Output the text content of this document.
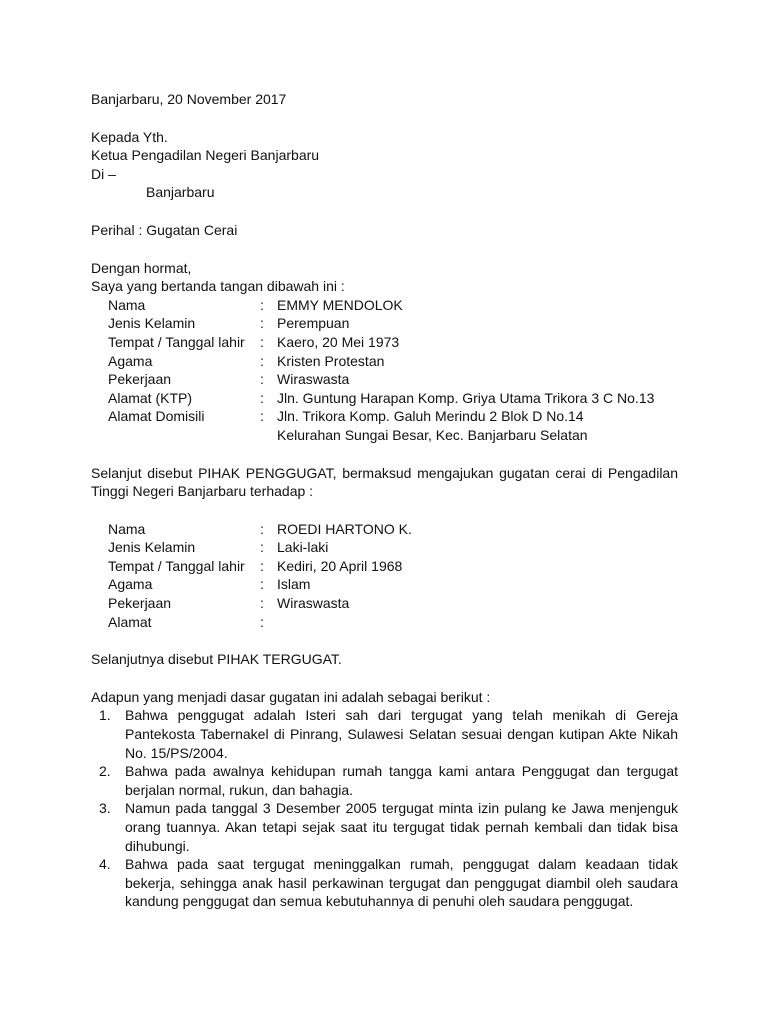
Banjarbaru, 20 November 2017
Kepada Yth.
Ketua Pengadilan Negeri Banjarbaru
Di –
Banjarbaru
Perihal : Gugatan Cerai
Dengan hormat,
Saya yang bertanda tangan dibawah ini :
Nama	:	EMMY MENDOLOK
Jenis Kelamin	:	Perempuan
Tempat / Tanggal lahir	:	Kaero, 20 Mei 1973
Agama	:	Kristen Protestan
Pekerjaan	:	Wiraswasta
Alamat (KTP)	:	Jln. Guntung Harapan Komp. Griya Utama Trikora 3 C No.13
Alamat Domisili	:	Jln. Trikora Komp. Galuh Merindu 2 Blok D No.14
		Kelurahan Sungai Besar, Kec. Banjarbaru Selatan
Selanjut disebut PIHAK PENGGUGAT, bermaksud mengajukan gugatan cerai di Pengadilan Tinggi Negeri Banjarbaru terhadap :
Nama	:	ROEDI HARTONO K.
Jenis Kelamin	:	Laki-laki
Tempat / Tanggal lahir	:	Kediri, 20 April 1968
Agama	:	Islam
Pekerjaan	:	Wiraswasta
Alamat	:	
Selanjutnya disebut PIHAK TERGUGAT.
Adapun yang menjadi dasar gugatan ini adalah sebagai berikut :
1. Bahwa penggugat adalah Isteri sah dari tergugat yang telah menikah di Gereja Pantekosta Tabernakel di Pinrang, Sulawesi Selatan sesuai dengan kutipan Akte Nikah No. 15/PS/2004.
2. Bahwa pada awalnya kehidupan rumah tangga kami antara Penggugat dan tergugat berjalan normal, rukun, dan bahagia.
3. Namun pada tanggal 3 Desember 2005 tergugat minta izin pulang ke Jawa menjenguk orang tuannya. Akan tetapi sejak saat itu tergugat tidak pernah kembali dan tidak bisa dihubungi.
4. Bahwa pada saat tergugat meninggalkan rumah, penggugat dalam keadaan tidak bekerja, sehingga anak hasil perkawinan tergugat dan penggugat diambil oleh saudara kandung penggugat dan semua kebutuhannya di penuhi oleh saudara penggugat.
